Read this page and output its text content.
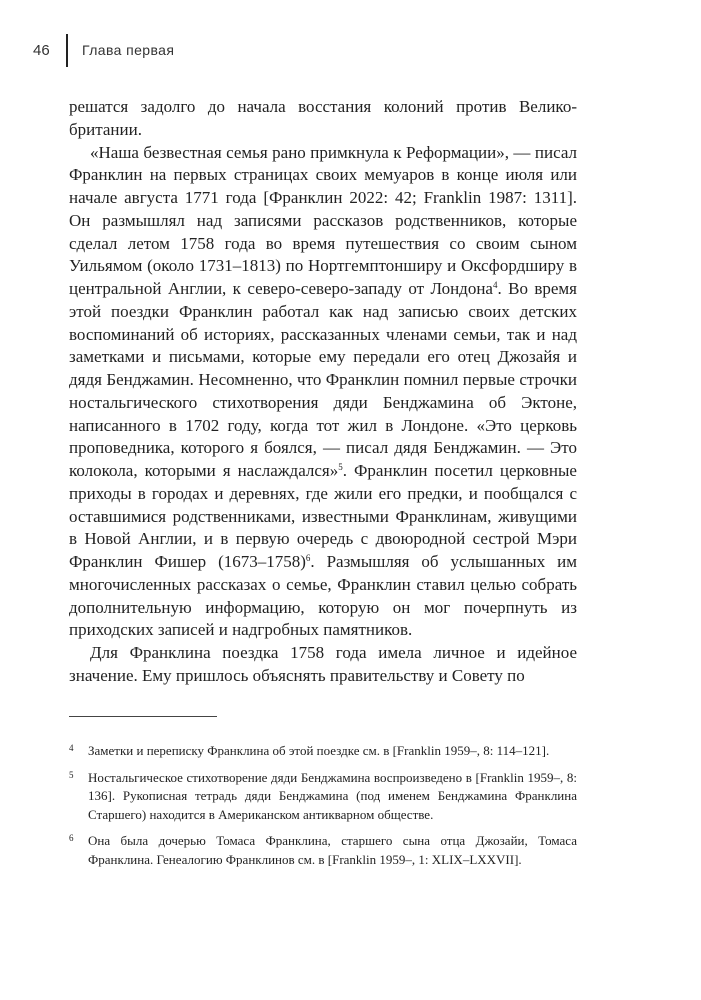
46 Глава первая

решатся задолго до начала восстания колоний против Великобритании.

«Наша безвестная семья рано примкнула к Реформации», — писал Франклин на первых страницах своих мемуаров в конце июля или начале августа 1771 года [Франклин 2022: 42; Franklin 1987: 1311]. Он размышлял над записями рассказов родственников, которые сделал летом 1758 года во время путешествия со своим сыном Уильямом (около 1731–1813) по Нортгемптонширу и Оксфордширу в центральной Англии, к северо-северо-западу от Лондона$^4$. Во время этой поездки Франклин работал как над записью своих детских воспоминаний об историях, рассказанных членами семьи, так и над заметками и письмами, которые ему передали его отец Джозайя и дядя Бенджамин. Несомненно, что Франклин помнил первые строчки ностальгического стихотворения дяди Бенджамина об Эктоне, написанного в 1702 году, когда тот жил в Лондоне. «Это церковь проповедника, которого я боялся, — писал дядя Бенджамин. — Это колокола, которыми я наслаждался»$^5$. Франклин посетил церковные приходы в городах и деревнях, где жили его предки, и пообщался с оставшимися родственниками, известными Франклинам, живущими в Новой Англии, и в первую очередь с двоюродной сестрой Мэри Франклин Фишер (1673–1758)$^6$. Размышляя об услышанных им многочисленных рассказах о семье, Франклин ставил целью собрать дополнительную информацию, которую он мог почерпнуть из приходских записей и надгробных памятников.

Для Франклина поездка 1758 года имела личное и идейное значение. Ему пришлось объяснять правительству и Совету по

4 Заметки и переписку Франклина об этой поездке см. в [Franklin 1959–, 8: 114–121].

5 Ностальгическое стихотворение дяди Бенджамина воспроизведено в [Franklin 1959–, 8: 136]. Рукописная тетрадь дяди Бенджамина (под именем Бенджамина Франклина Старшего) находится в Американском антикварном обществе.

6 Она была дочерью Томаса Франклина, старшего сына отца Джозайи, Томаса Франклина. Генеалогию Франклинов см. в [Franklin 1959–, 1: XLIX–LXXVII].
